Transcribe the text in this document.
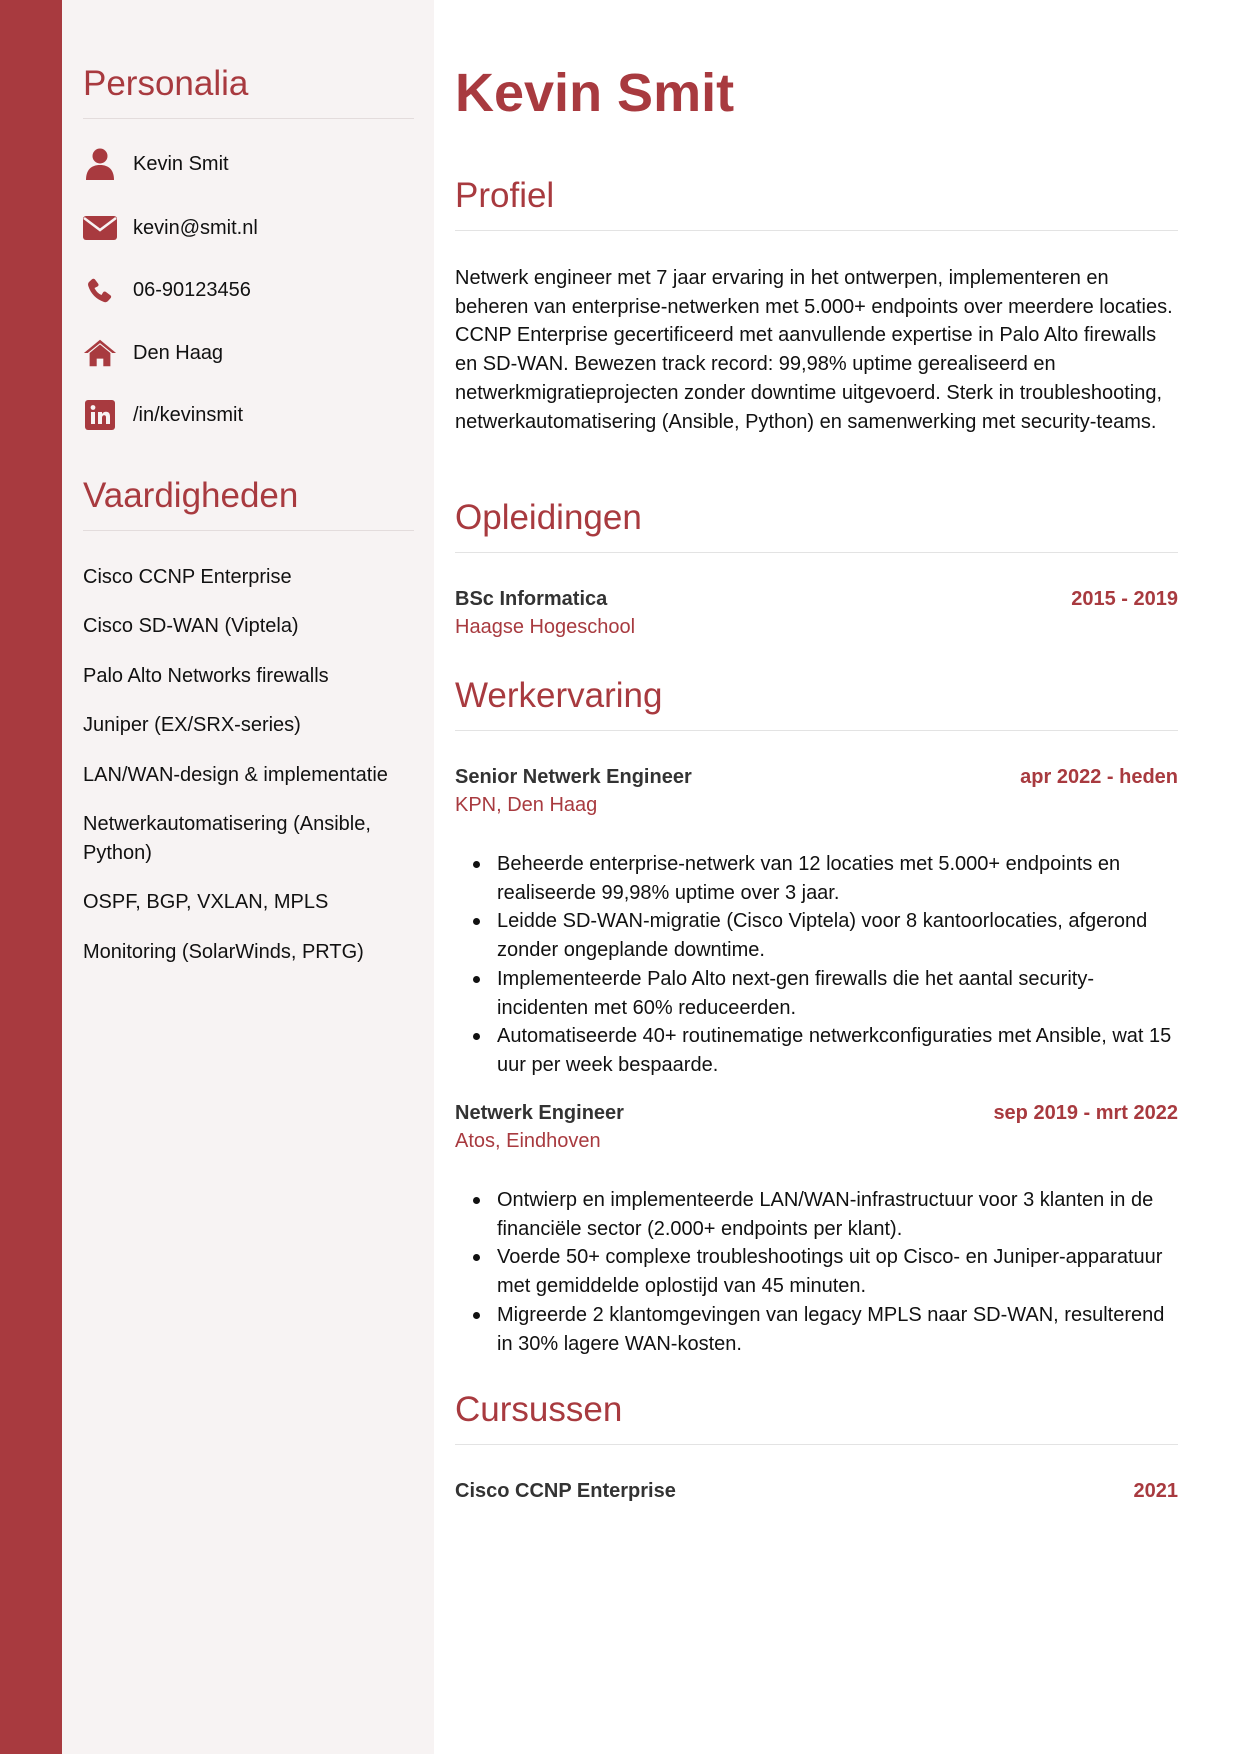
Personalia
Kevin Smit
kevin@smit.nl
06-90123456
Den Haag
/in/kevinsmit
Vaardigheden
Cisco CCNP Enterprise
Cisco SD-WAN (Viptela)
Palo Alto Networks firewalls
Juniper (EX/SRX-series)
LAN/WAN-design & implementatie
Netwerkautomatisering (Ansible, Python)
OSPF, BGP, VXLAN, MPLS
Monitoring (SolarWinds, PRTG)
Kevin Smit
Profiel

Netwerk engineer met 7 jaar ervaring in het ontwerpen, implementeren en beheren van enterprise-netwerken met 5.000+ endpoints over meerdere locaties. CCNP Enterprise gecertificeerd met aanvullende expertise in Palo Alto firewalls en SD-WAN. Bewezen track record: 99,98% uptime gerealiseerd en netwerkmigratieprojecten zonder downtime uitgevoerd. Sterk in troubleshooting, netwerkautomatisering (Ansible, Python) en samenwerking met security-teams.

Opleidingen
BSc Informatica	2015 - 2019
Haagse Hogeschool
Werkervaring
Senior Netwerk Engineer	apr 2022 - heden
KPN, Den Haag
Beheerde enterprise-netwerk van 12 locaties met 5.000+ endpoints en realiseerde 99,98% uptime over 3 jaar.
Leidde SD-WAN-migratie (Cisco Viptela) voor 8 kantoorlocaties, afgerond zonder ongeplande downtime.
Implementeerde Palo Alto next-gen firewalls die het aantal security-incidenten met 60% reduceerden.
Automatiseerde 40+ routinematige netwerkconfiguraties met Ansible, wat 15 uur per week bespaarde.
Netwerk Engineer	sep 2019 - mrt 2022
Atos, Eindhoven
Ontwierp en implementeerde LAN/WAN-infrastructuur voor 3 klanten in de financiële sector (2.000+ endpoints per klant).
Voerde 50+ complexe troubleshootings uit op Cisco- en Juniper-apparatuur met gemiddelde oplostijd van 45 minuten.
Migreerde 2 klantomgevingen van legacy MPLS naar SD-WAN, resulterend in 30% lagere WAN-kosten.
Cursussen
Cisco CCNP Enterprise	2021
